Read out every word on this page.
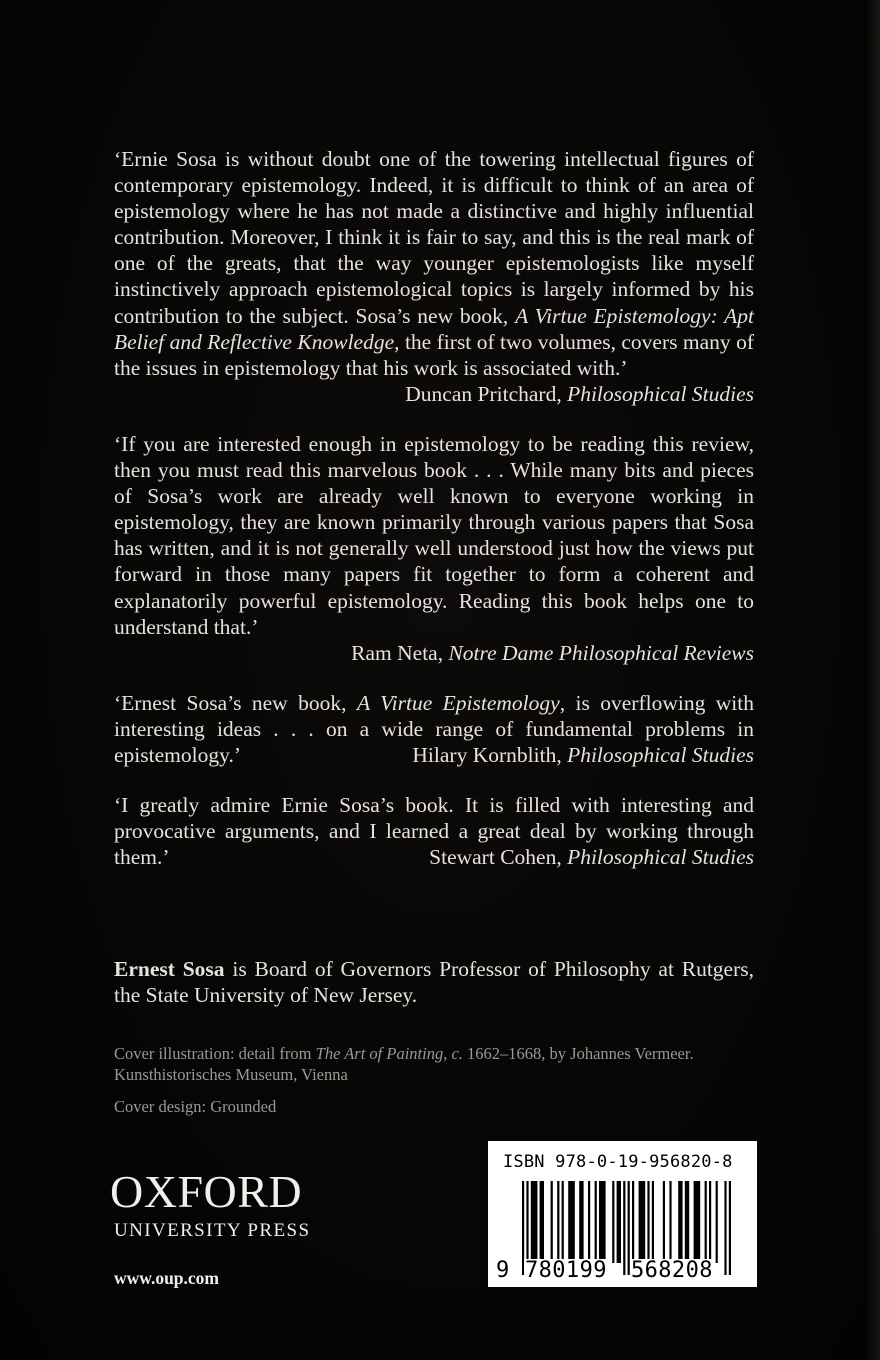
‘Ernie Sosa is without doubt one of the towering intellectual figures of contemporary epistemology. Indeed, it is difficult to think of an area of epistemology where he has not made a distinctive and highly influential contribution. Moreover, I think it is fair to say, and this is the real mark of one of the greats, that the way younger epistemologists like myself instinctively approach epistemological topics is largely informed by his contribution to the subject. Sosa’s new book, A Virtue Epistemology: Apt Belief and Reflective Knowledge, the first of two volumes, covers many of the issues in epistemology that his work is associated with.’

Duncan Pritchard, Philosophical Studies

‘If you are interested enough in epistemology to be reading this review, then you must read this marvelous book . . . While many bits and pieces of Sosa’s work are already well known to everyone working in epistemology, they are known primarily through various papers that Sosa has written, and it is not generally well understood just how the views put forward in those many papers fit together to form a coherent and explanatorily powerful epistemology. Reading this book helps one to understand that.’

Ram Neta, Notre Dame Philosophical Reviews

‘Ernest Sosa’s new book, A Virtue Epistemology, is overflowing with interesting ideas . . . on a wide range of fundamental problems in epistemology.’	Hilary Kornblith, Philosophical Studies

‘I greatly admire Ernie Sosa’s book. It is filled with interesting and provocative arguments, and I learned a great deal by working through them.’	Stewart Cohen, Philosophical Studies

Ernest Sosa is Board of Governors Professor of Philosophy at Rutgers, the State University of New Jersey.

Cover illustration: detail from The Art of Painting, c. 1662–1668, by Johannes Vermeer. Kunsthistorisches Museum, Vienna

Cover design: Grounded

OXFORD

UNIVERSITY PRESS

www.oup.com

ISBN 978-0-19-956820-8

9 780199 568208
